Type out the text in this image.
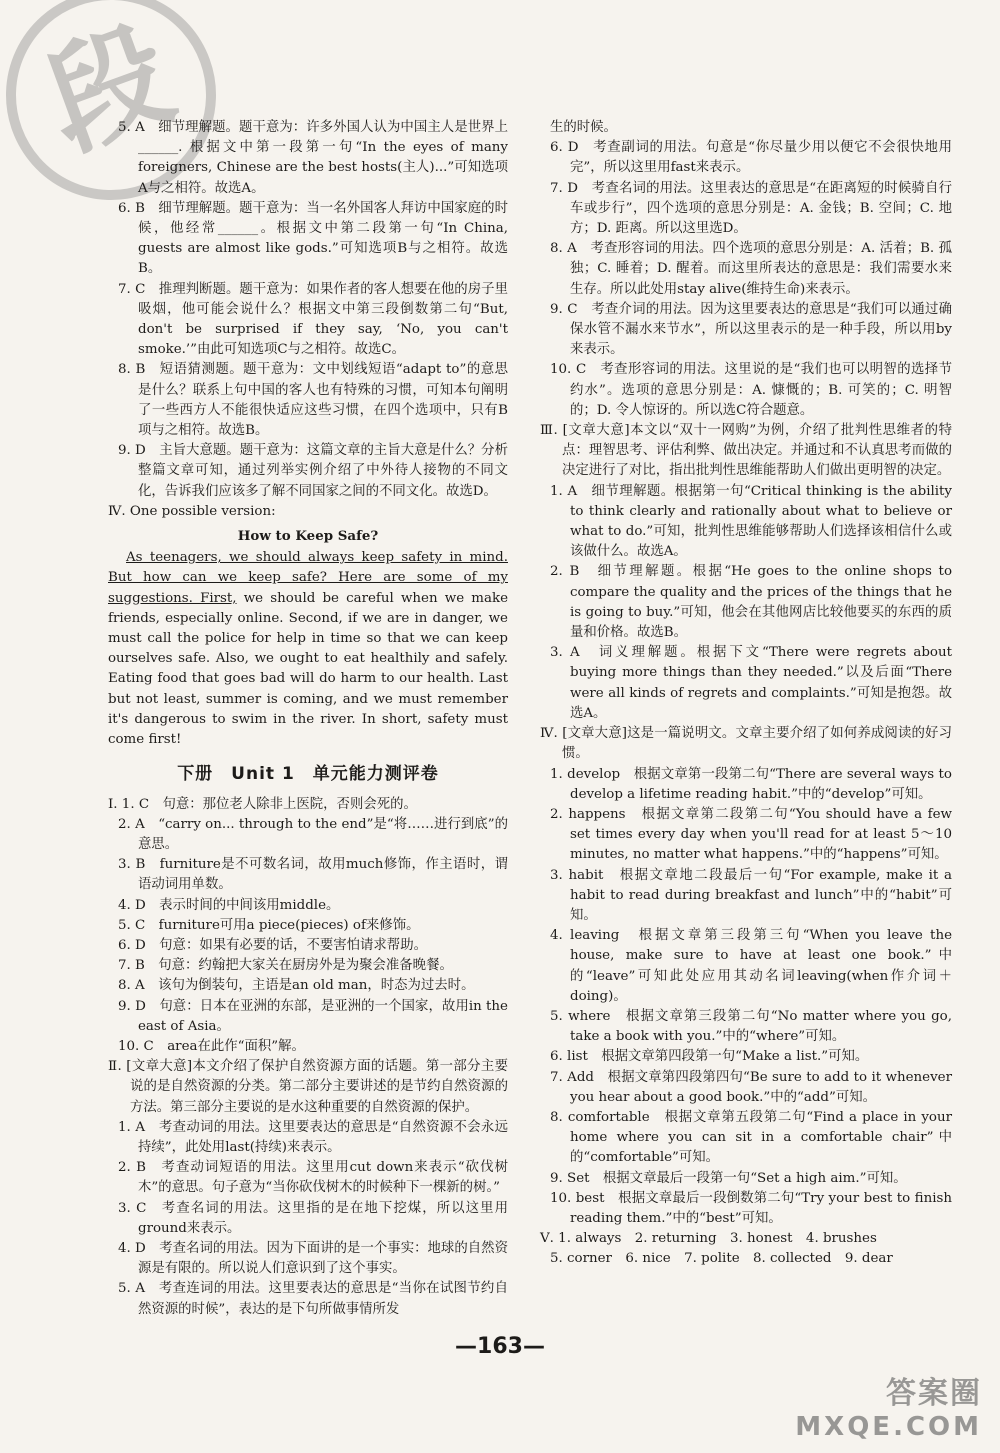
段

5. A　细节理解题。题干意为：许多外国人认为中国主人是世界上______. 根据文中第一段第一句“In the eyes of many foreigners, Chinese are the best hosts(主人)...”可知选项A与之相符。故选A。

6. B　细节理解题。题干意为：当一名外国客人拜访中国家庭的时候，他经常______。根据文中第二段第一句“In China, guests are almost like gods.”可知选项B与之相符。故选B。

7. C　推理判断题。题干意为：如果作者的客人想要在他的房子里吸烟，他可能会说什么？根据文中第三段倒数第二句“But, don't be surprised if they say, ‘No, you can't smoke.’”由此可知选项C与之相符。故选C。

8. B　短语猜测题。题干意为：文中划线短语“adapt to”的意思是什么？联系上句中国的客人也有特殊的习惯，可知本句阐明了一些西方人不能很快适应这些习惯，在四个选项中，只有B项与之相符。故选B。

9. D　主旨大意题。题干意为：这篇文章的主旨大意是什么？分析整篇文章可知，通过列举实例介绍了中外待人接物的不同文化，告诉我们应该多了解不同国家之间的不同文化。故选D。

Ⅳ. One possible version:

How to Keep Safe?

As teenagers, we should always keep safety in mind. But how can we keep safe? Here are some of my suggestions. First, we should be careful when we make friends, especially online. Second, if we are in danger, we must call the police for help in time so that we can keep ourselves safe. Also, we ought to eat healthily and safely. Eating food that goes bad will do harm to our health. Last but not least, summer is coming, and we must remember it's dangerous to swim in the river. In short, safety must come first!

下册　Unit 1　单元能力测评卷

Ⅰ. 1. C　句意：那位老人除非上医院，否则会死的。

2. A　“carry on... through to the end”是“将……进行到底”的意思。

3. B　furniture是不可数名词，故用much修饰，作主语时，谓语动词用单数。

4. D　表示时间的中间该用middle。

5. C　furniture可用a piece(pieces) of来修饰。

6. D　句意：如果有必要的话，不要害怕请求帮助。

7. B　句意：约翰把大家关在厨房外是为聚会准备晚餐。

8. A　该句为倒装句，主语是an old man，时态为过去时。

9. D　句意：日本在亚洲的东部，是亚洲的一个国家，故用in the east of Asia。

10. C　area在此作“面积”解。

Ⅱ. [文章大意]本文介绍了保护自然资源方面的话题。第一部分主要说的是自然资源的分类。第二部分主要讲述的是节约自然资源的方法。第三部分主要说的是水这种重要的自然资源的保护。

1. A　考查动词的用法。这里要表达的意思是“自然资源不会永远持续”，此处用last(持续)来表示。

2. B　考查动词短语的用法。这里用cut down来表示“砍伐树木”的意思。句子意为“当你砍伐树木的时候种下一棵新的树。”

3. C　考查名词的用法。这里指的是在地下挖煤，所以这里用ground来表示。

4. D　考查名词的用法。因为下面讲的是一个事实：地球的自然资源是有限的。所以说人们意识到了这个事实。

5. A　考查连词的用法。这里要表达的意思是“当你在试图节约自然资源的时候”，表达的是下句所做事情所发

生的时候。

6. D　考查副词的用法。句意是“你尽量少用以便它不会很快地用完”，所以这里用fast来表示。

7. D　考查名词的用法。这里表达的意思是“在距离短的时候骑自行车或步行”，四个选项的意思分别是：A. 金钱；B. 空间；C. 地方；D. 距离。所以这里选D。

8. A　考查形容词的用法。四个选项的意思分别是：A. 活着；B. 孤独；C. 睡着；D. 醒着。而这里所表达的意思是：我们需要水来生存。所以此处用stay alive(维持生命)来表示。

9. C　考查介词的用法。因为这里要表达的意思是“我们可以通过确保水管不漏水来节水”，所以这里表示的是一种手段，所以用by来表示。

10. C　考查形容词的用法。这里说的是“我们也可以明智的选择节约水”。选项的意思分别是：A. 慷慨的；B. 可笑的；C. 明智的；D. 令人惊讶的。所以选C符合题意。

Ⅲ. [文章大意]本文以“双十一网购”为例，介绍了批判性思维者的特点：理智思考、评估利弊、做出决定。并通过和不认真思考而做的决定进行了对比，指出批判性思维能帮助人们做出更明智的决定。

1. A　细节理解题。根据第一句“Critical thinking is the ability to think clearly and rationally about what to believe or what to do.”可知，批判性思维能够帮助人们选择该相信什么或该做什么。故选A。

2. B　细节理解题。根据“He goes to the online shops to compare the quality and the prices of the things that he is going to buy.”可知，他会在其他网店比较他要买的东西的质量和价格。故选B。

3. A　词义理解题。根据下文“There were regrets about buying more things than they needed.”以及后面“There were all kinds of regrets and complaints.”可知是抱怨。故选A。

Ⅳ. [文章大意]这是一篇说明文。文章主要介绍了如何养成阅读的好习惯。

1. develop　根据文章第一段第二句“There are several ways to develop a lifetime reading habit.”中的“develop”可知。

2. happens　根据文章第二段第二句“You should have a few set times every day when you'll read for at least 5～10 minutes, no matter what happens.”中的“happens”可知。

3. habit　根据文章地二段最后一句“For example, make it a habit to read during breakfast and lunch”中的“habit”可知。

4. leaving　根据文章第三段第三句“When you leave the house, make sure to have at least one book.”中的“leave”可知此处应用其动名词leaving(when作介词＋doing)。

5. where　根据文章第三段第二句“No matter where you go, take a book with you.”中的“where”可知。

6. list　根据文章第四段第一句“Make a list.”可知。

7. Add　根据文章第四段第四句“Be sure to add to it whenever you hear about a good book.”中的“add”可知。

8. comfortable　根据文章第五段第二句“Find a place in your home where you can sit in a comfortable chair”中的“comfortable”可知。

9. Set　根据文章最后一段第一句“Set a high aim.”可知。

10. best　根据文章最后一段倒数第二句“Try your best to finish reading them.”中的“best”可知。

Ⅴ. 1. always　2. returning　3. honest　4. brushes

5. corner　6. nice　7. polite　8. collected　9. dear

—163—
答案圈
MXQE.COM
